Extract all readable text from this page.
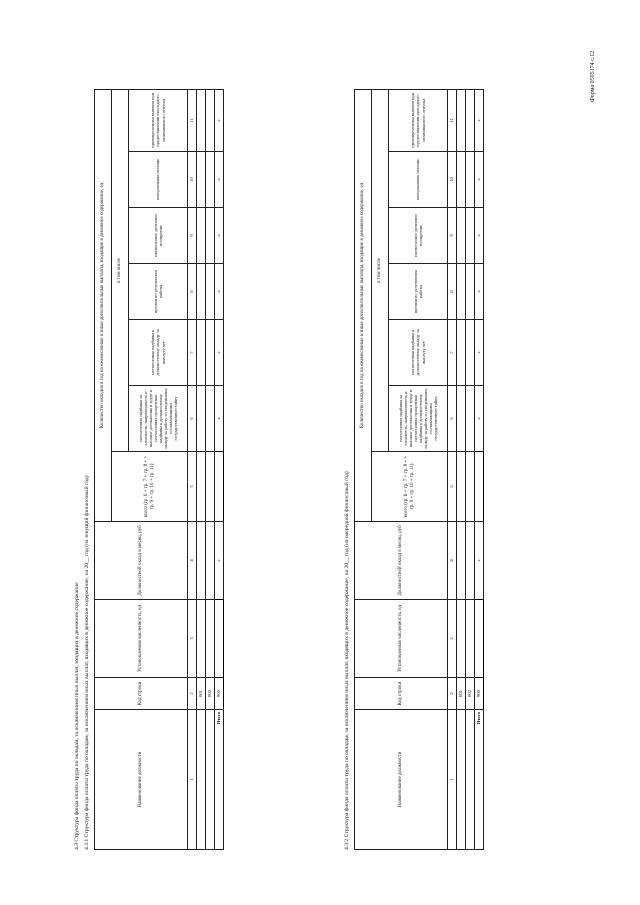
Форма 0505174 с.12
4.3 Структура фонда оплаты труда по окладам, за исключением иных выплат, входящих в денежное содержание 4.3.1 Структура фонда оплаты труда по окладам, за исключением иных выплат, входящих в денежное содержание, на 20__ год (на текущий финансовый год)	Наименование должности	Код строки	Установленная численность, ед	Должностной оклад в месяц, руб	Количество окладов в год на ежемесячные и иные дополнительные выплаты, входящие в денежное содержание, ед						
				всего (гр. 6 + гр. 7 + гр. 8 + + гр. 9 + гр. 10 + гр. 11)	в том числе					
					ежемесячная надбавка за сложность, напряженность и высокие достижения в труде и ежемесячная процентная надбавка к должностному окладу за работу со сведениями, составляющими государственную тайну	ежемесячная надбавка к должностному окладу за выслугу лет	премии по результатам работы	ежемесячное денежное поощрение	материальная помощь	единовременная выплата при предоставлении ежегодного оплачиваемого отпуска
1	2	3	4	5	6	7	8	9	10	11
	001									
	002									
Итого	900		x		x	x	x	x	x	x
4.3.2 Структура фонда оплаты труда по окладам, за исключением иных выплат, входящих в денежное содержание, на 20__ год (на очередной финансовый год)	Наименование должности	Код строки	Установленная численность, ед	Должностной оклад в месяц, руб	Количество окладов в год на ежемесячные и иные дополнительные выплаты, входящие в денежное содержание, ед						
				всего (гр. 6 + гр. 7 + гр. 8 + + гр. 9 + гр. 10 + гр. 11)	в том числе					
					ежемесячная надбавка за сложность, напряженность и высокие достижения в труде и ежемесячная процентная надбавка к должностному окладу за работу со сведениями, составляющими государственную тайну	ежемесячная надбавка к должностному окладу за выслугу лет	премии по результатам работы	ежемесячное денежное поощрение	материальная помощь	единовременная выплата при предоставлении ежегодного оплачиваемого отпуска
1	2	3	4	5	6	7	8	9	10	11
	001									
	002									
Итого	900		x		x	x	x	x	x	x
